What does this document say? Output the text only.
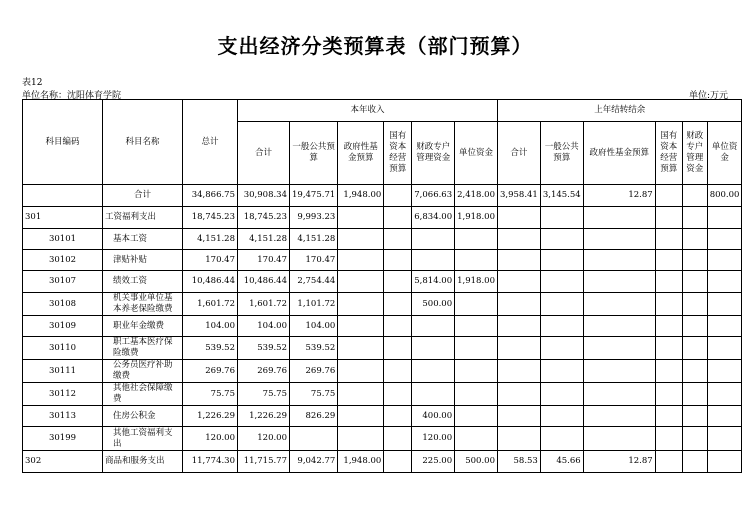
支出经济分类预算表（部门预算）
表12
单位名称：沈阳体育学院	单位:万元
科目编码	科目名称	总计	本年收入						上年结转结余					
			合计	一般公共预算	政府性基金预算	国有资本经营预算	财政专户管理资金	单位资金	合计	一般公共预算	政府性基金预算	国有资本经营预算	财政专户管理资金	单位资金
	合计	34,866.75	30,908.34	19,475.71	1,948.00		7,066.63	2,418.00	3,958.41	3,145.54	12.87			800.00
301	工资福利支出	18,745.23	18,745.23	9,993.23			6,834.00	1,918.00						
30101	基本工资	4,151.28	4,151.28	4,151.28										
30102	津贴补贴	170.47	170.47	170.47										
30107	绩效工资	10,486.44	10,486.44	2,754.44			5,814.00	1,918.00						
30108	机关事业单位基本养老保险缴费	1,601.72	1,601.72	1,101.72			500.00							
30109	职业年金缴费	104.00	104.00	104.00										
30110	职工基本医疗保险缴费	539.52	539.52	539.52										
30111	公务员医疗补助缴费	269.76	269.76	269.76										
30112	其他社会保障缴费	75.75	75.75	75.75										
30113	住房公积金	1,226.29	1,226.29	826.29			400.00							
30199	其他工资福利支出	120.00	120.00				120.00							
302	商品和服务支出	11,774.30	11,715.77	9,042.77	1,948.00		225.00	500.00	58.53	45.66	12.87			
